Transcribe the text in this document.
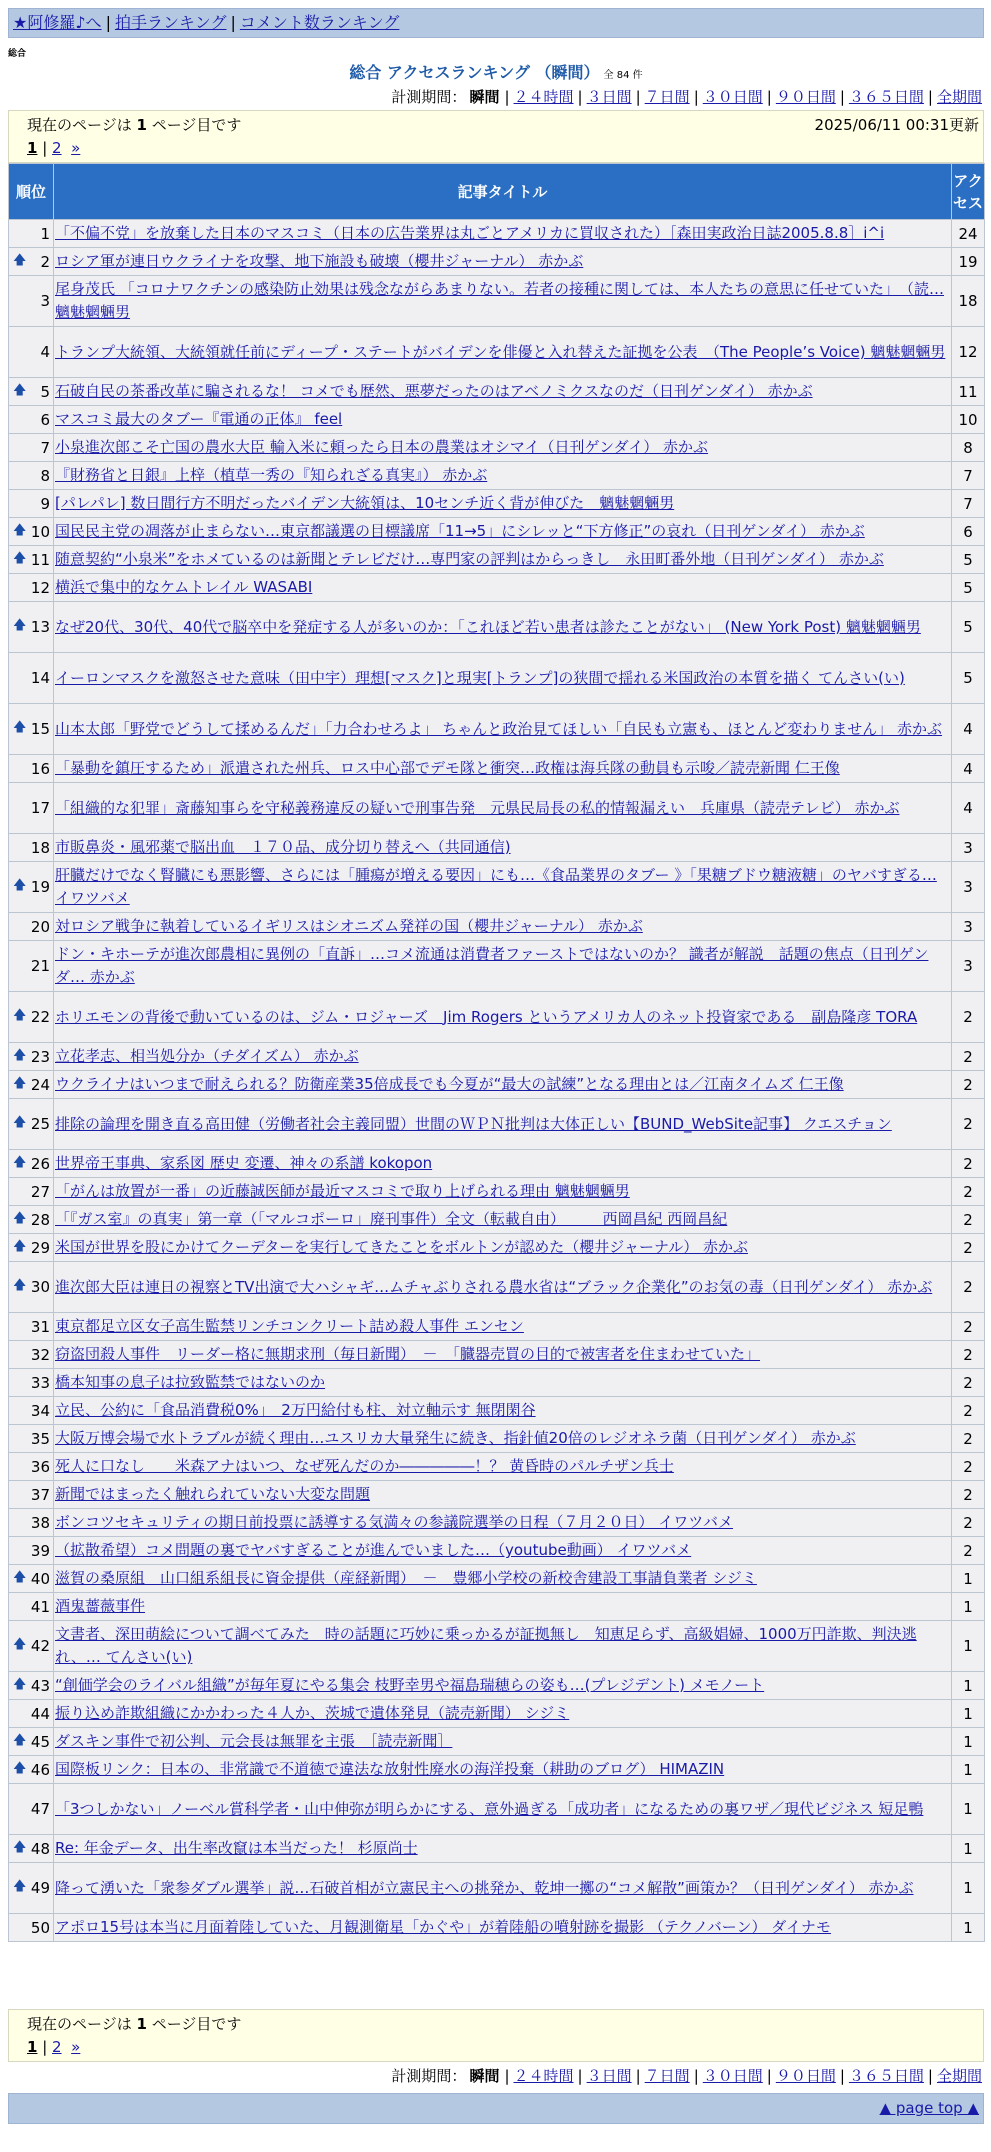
★阿修羅♪へ | 拍手ランキング | コメント数ランキング
総合
総合 アクセスランキング （瞬間） 全 84 件
計測期間： 瞬間 | ２４時間 | ３日間 | ７日間 | ３０日間 | ９０日間 | ３６５日間 | 全期間
現在のページは 1 ページ目です	2025/06/11 00:31更新
1 | 2 »
順位	記事タイトル	アクセス
1	「不偏不党」を放棄した日本のマスコミ（日本の広告業界は丸ごとアメリカに買収された）［森田実政治日誌2005.8.8］i^i	24

🡅 2	ロシア軍が連日ウクライナを攻撃、地下施設も破壊（櫻井ジャーナル） 赤かぶ	19
3	尾身茂氏 「コロナワクチンの感染防止効果は残念ながらあまりない。若者の接種に関しては、本人たちの意思に任せていた」　（読… 魑魅魍魎男	18
4	トランプ大統領、大統領就任前にディープ・ステートがバイデンを俳優と入れ替えた証拠を公表　（The People’s Voice) 魑魅魍魎男	12

🡅 5	石破自民の茶番改革に騙されるな！ コメでも歴然、悪夢だったのはアベノミクスなのだ（日刊ゲンダイ） 赤かぶ	11
6	マスコミ最大のタブー『電通の正体』 feel	10
7	小泉進次郎こそ亡国の農水大臣 輸入米に頼ったら日本の農業はオシマイ（日刊ゲンダイ） 赤かぶ	8
8	『財務省と日銀』上梓（植草一秀の『知られざる真実』） 赤かぶ	7
9	[パレパレ] 数日間行方不明だったバイデン大統領は、10センチ近く背が伸びた　魑魅魍魎男	7

🡅 10	国民民主党の凋落が止まらない…東京都議選の目標議席「11→5」にシレッと“下方修正”の哀れ（日刊ゲンダイ） 赤かぶ	6

🡅 11	随意契約“小泉米”をホメているのは新聞とテレビだけ…専門家の評判はからっきし　永田町番外地（日刊ゲンダイ） 赤かぶ	5
12	横浜で集中的なケムトレイル WASABI	5

🡅 13	なぜ20代、30代、40代で脳卒中を発症する人が多いのか：「これほど若い患者は診たことがない」 (New York Post) 魑魅魍魎男	5
14	イーロンマスクを激怒させた意味（田中宇）理想[マスク]と現実[トランプ]の狭間で揺れる米国政治の本質を描く てんさい(い)	5

🡅 15	山本太郎「野党でどうして揉めるんだ」「力合わせろよ」 ちゃんと政治見てほしい「自民も立憲も、ほとんど変わりません」 赤かぶ	4
16	「暴動を鎮圧するため」派遣された州兵、ロス中心部でデモ隊と衝突…政権は海兵隊の動員も示唆／読売新聞 仁王像	4
17	「組織的な犯罪」斎藤知事らを守秘義務違反の疑いで刑事告発　元県民局長の私的情報漏えい　兵庫県（読売テレビ） 赤かぶ	4
18	市販鼻炎・風邪薬で脳出血　１７０品、成分切り替えへ（共同通信)	3

🡅 19	肝臓だけでなく腎臓にも悪影響、さらには「腫瘍が増える要因」にも…《食品業界のタブー 》「果糖ブドウ糖液糖」のヤバすぎる… イワツバメ	3
20	対ロシア戦争に執着しているイギリスはシオニズム発祥の国（櫻井ジャーナル） 赤かぶ	3
21	ドン・キホーテが進次郎農相に異例の「直訴」…コメ流通は消費者ファーストではないのか？ 識者が解説　話題の焦点（日刊ゲンダ… 赤かぶ	3

🡅 22	ホリエモンの背後で動いているのは、ジム・ロジャーズ　Jim Rogers というアメリカ人のネット投資家である　副島隆彦 TORA	2

🡅 23	立花孝志、相当処分か（チダイズム） 赤かぶ	2

🡅 24	ウクライナはいつまで耐えられる？防衛産業35倍成長でも今夏が“最大の試練”となる理由とは／江南タイムズ 仁王像	2

🡅 25	排除の論理を開き直る高田健（労働者社会主義同盟）世間のＷＰＮ批判は大体正しい【BUND_WebSite記事】 クエスチョン	2

🡅 26	世界帝王事典、家系図 歴史 変遷、神々の系譜 kokopon	2
27	「がんは放置が一番」の近藤誠医師が最近マスコミで取り上げられる理由 魑魅魍魎男	2

🡅 28	「『ガス室』の真実」第一章（「マルコポーロ」廃刊事件）全文（転載自由）　　　西岡昌紀 西岡昌紀	2

🡅 29	米国が世界を股にかけてクーデターを実行してきたことをボルトンが認めた（櫻井ジャーナル） 赤かぶ	2

🡅 30	進次郎大臣は連日の視察とTV出演で大ハシャギ…ムチャぶりされる農水省は“ブラック企業化”のお気の毒（日刊ゲンダイ） 赤かぶ	2
31	東京都足立区女子高生監禁リンチコンクリート詰め殺人事件 エンセン	2
32	窃盗団殺人事件　リーダー格に無期求刑（毎日新聞）　－　「臓器売買の目的で被害者を住まわせていた」	2
33	橋本知事の息子は拉致監禁ではないのか	2
34	立民、公約に「食品消費税0%」　2万円給付も柱、対立軸示す 無閉閑谷	2
35	大阪万博会場で水トラブルが続く理由…ユスリカ大量発生に続き、指針値20倍のレジオネラ菌（日刊ゲンダイ） 赤かぶ	2
36	死人に口なし　　米森アナはいつ、なぜ死んだのか―――――！？ 黄昏時のパルチザン兵士	2
37	新聞ではまったく触れられていない大変な問題	2
38	ボンコツセキュリティの期日前投票に誘導する気満々の参議院選挙の日程（７月２０日） イワツバメ	2
39	（拡散希望）コメ問題の裏でヤバすぎることが進んでいました…（youtube動画） イワツバメ	2

🡅 40	滋賀の桑原組　山口組系組長に資金提供（産経新聞）　－　豊郷小学校の新校舎建設工事請負業者 シジミ	1
41	酒鬼薔薇事件	1

🡅 42	文書者、深田萌絵について調べてみた　時の話題に巧妙に乗っかるが証拠無し　知恵足らず、高級娼婦、1000万円詐欺、判決逃れ、… てんさい(い)	1

🡅 43	“創価学会のライバル組織”が毎年夏にやる集会 枝野幸男や福島瑞穂らの姿も…(プレジデント) メモノート	1
44	振り込め詐欺組織にかかわった４人か、茨城で遺体発見（読売新聞） シジミ	1

🡅 45	ダスキン事件で初公判、元会長は無罪を主張　［読売新聞］	1

🡅 46	国際板リンク：日本の、非常識で不道徳で違法な放射性廃水の海洋投棄（耕助のブログ） HIMAZIN	1
47	「3つしかない」ノーベル賞科学者・山中伸弥が明らかにする、意外過ぎる「成功者」になるための裏ワザ／現代ビジネス 短足鴨	1

🡅 48	Re: 年金データ、出生率改竄は本当だった！ 杉原尚士	1

🡅 49	降って湧いた「衆参ダブル選挙」説…石破首相が立憲民主への挑発か、乾坤一擲の“コメ解散”画策か？（日刊ゲンダイ） 赤かぶ	1
50	アポロ15号は本当に月面着陸していた、月観測衛星「かぐや」が着陸船の噴射跡を撮影 （テクノバーン） ダイナモ	1
現在のページは 1 ページ目です
1 | 2 »
計測期間： 瞬間 | ２４時間 | ３日間 | ７日間 | ３０日間 | ９０日間 | ３６５日間 | 全期間
▲ page top ▲
